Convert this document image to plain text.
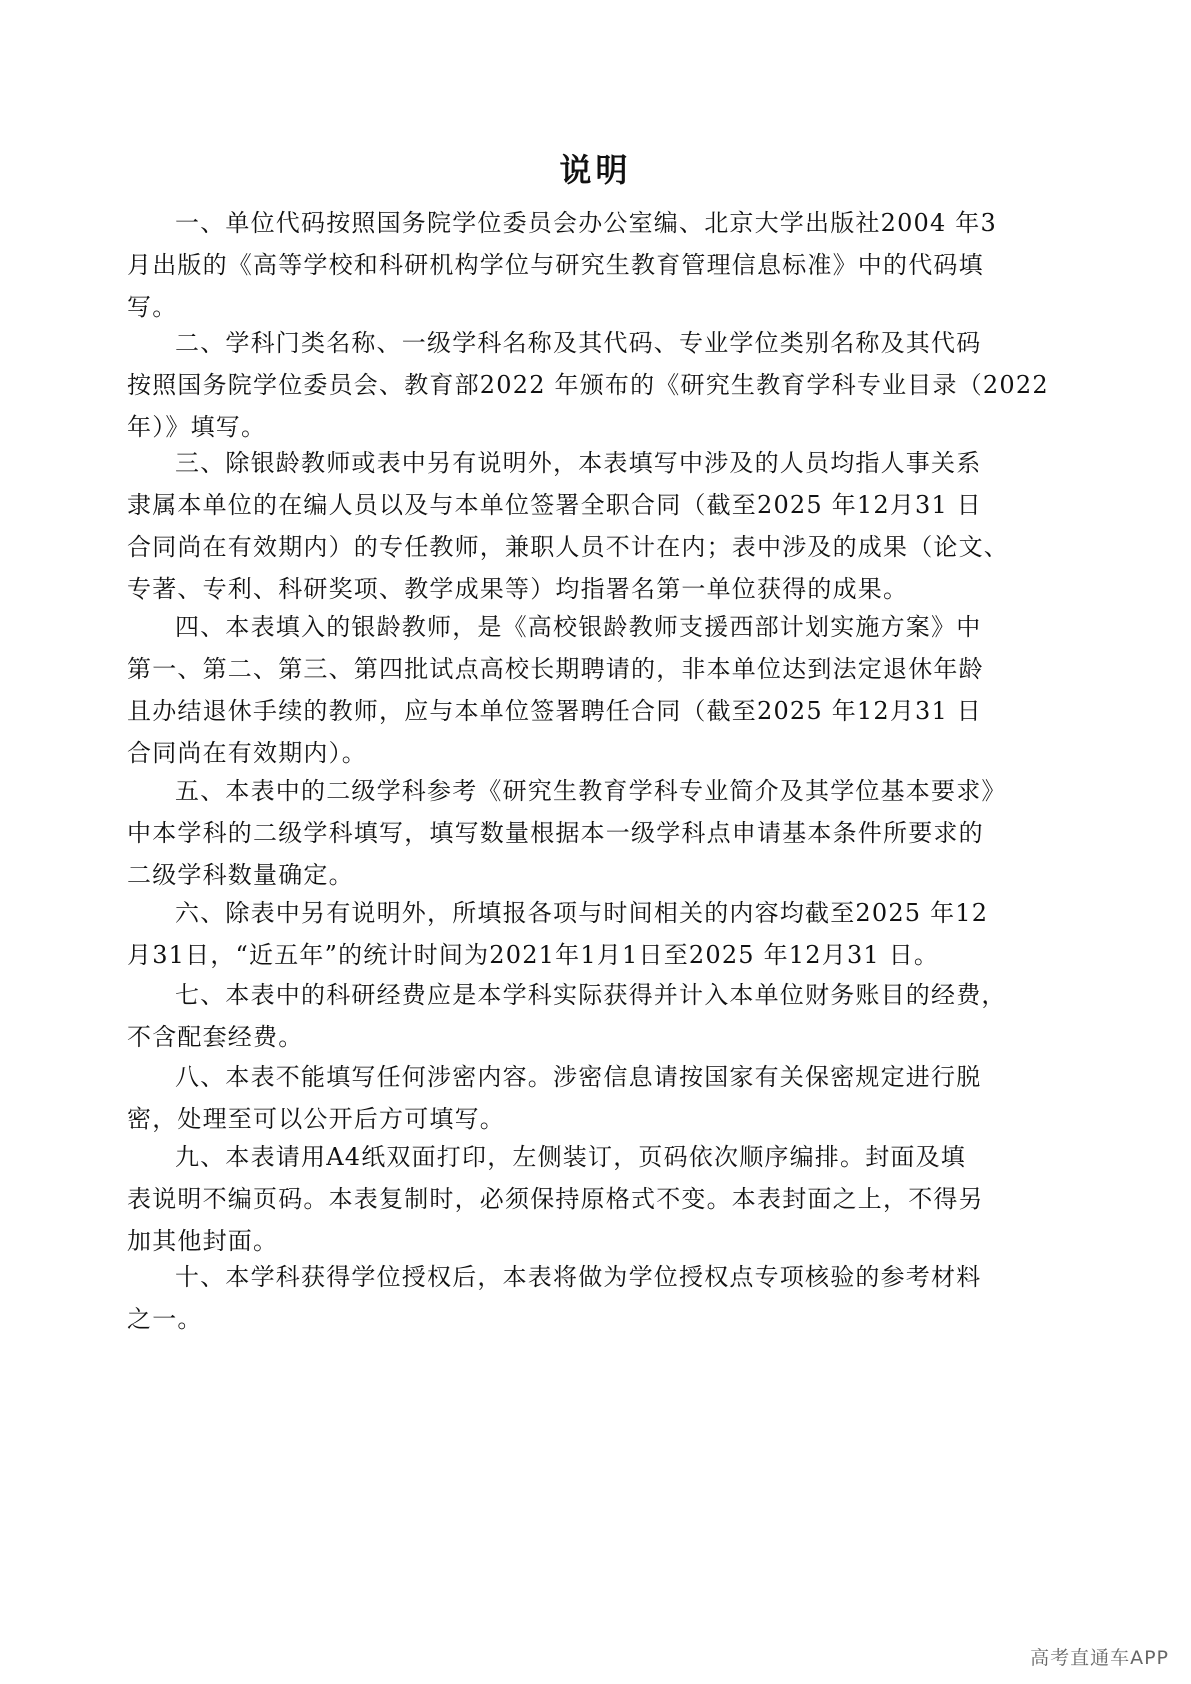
说明

一、单位代码按照国务院学位委员会办公室编、北京大学出版社2004 年3
月出版的《高等学校和科研机构学位与研究生教育管理信息标准》中的代码填
写。

二、学科门类名称、一级学科名称及其代码、专业学位类别名称及其代码
按照国务院学位委员会、教育部2022 年颁布的《研究生教育学科专业目录（2022
年）》填写。

三、除银龄教师或表中另有说明外，本表填写中涉及的人员均指人事关系
隶属本单位的在编人员以及与本单位签署全职合同（截至2025 年12月31 日
合同尚在有效期内）的专任教师，兼职人员不计在内；表中涉及的成果（论文、
专著、专利、科研奖项、教学成果等）均指署名第一单位获得的成果。

四、本表填入的银龄教师，是《高校银龄教师支援西部计划实施方案》中
第一、第二、第三、第四批试点高校长期聘请的，非本单位达到法定退休年龄
且办结退休手续的教师，应与本单位签署聘任合同（截至2025 年12月31 日
合同尚在有效期内）。

五、本表中的二级学科参考《研究生教育学科专业简介及其学位基本要求》
中本学科的二级学科填写，填写数量根据本一级学科点申请基本条件所要求的
二级学科数量确定。

六、除表中另有说明外，所填报各项与时间相关的内容均截至2025 年12
月31日，“近五年”的统计时间为2021年1月1日至2025 年12月31 日。

七、本表中的科研经费应是本学科实际获得并计入本单位财务账目的经费，
不含配套经费。

八、本表不能填写任何涉密内容。涉密信息请按国家有关保密规定进行脱
密，处理至可以公开后方可填写。

九、本表请用A4纸双面打印，左侧装订，页码依次顺序编排。封面及填
表说明不编页码。本表复制时，必须保持原格式不变。本表封面之上，不得另
加其他封面。

十、本学科获得学位授权后，本表将做为学位授权点专项核验的参考材料
之一。

高考直通车APP
